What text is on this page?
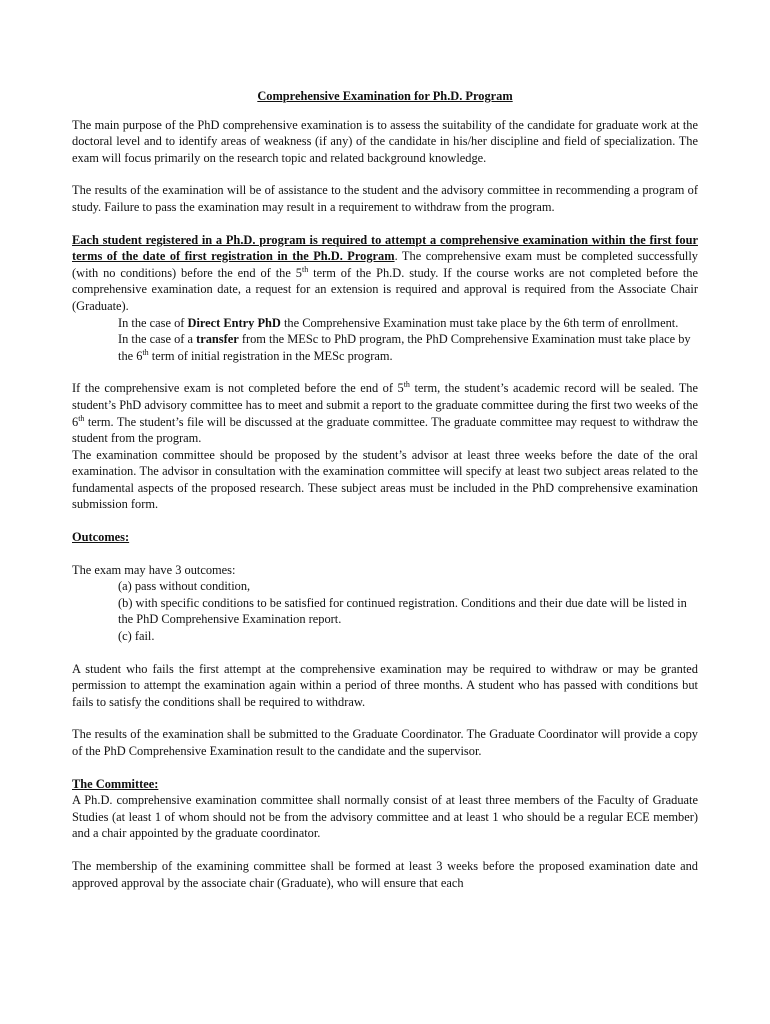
Comprehensive Examination for Ph.D. Program

The main purpose of the PhD comprehensive examination is to assess the suitability of the candidate for graduate work at the doctoral level and to identify areas of weakness (if any) of the candidate in his/her discipline and field of specialization. The exam will focus primarily on the research topic and related background knowledge.

The results of the examination will be of assistance to the student and the advisory committee in recommending a program of study. Failure to pass the examination may result in a requirement to withdraw from the program.

Each student registered in a Ph.D. program is required to attempt a comprehensive examination within the first four terms of the date of first registration in the Ph.D. Program. The comprehensive exam must be completed successfully (with no conditions) before the end of the 5th term of the Ph.D. study. If the course works are not completed before the comprehensive examination date, a request for an extension is required and approval is required from the Associate Chair (Graduate).

In the case of Direct Entry PhD the Comprehensive Examination must take place by the 6th term of enrollment.

In the case of a transfer from the MESc to PhD program, the PhD Comprehensive Examination must take place by the 6th term of initial registration in the MESc program.

If the comprehensive exam is not completed before the end of 5th term, the student’s academic record will be sealed. The student’s PhD advisory committee has to meet and submit a report to the graduate committee during the first two weeks of the 6th term. The student’s file will be discussed at the graduate committee. The graduate committee may request to withdraw the student from the program.

The examination committee should be proposed by the student’s advisor at least three weeks before the date of the oral examination. The advisor in consultation with the examination committee will specify at least two subject areas related to the fundamental aspects of the proposed research. These subject areas must be included in the PhD comprehensive examination submission form.

Outcomes:

The exam may have 3 outcomes:

(a) pass without condition,

(b) with specific conditions to be satisfied for continued registration. Conditions and their due date will be listed in the PhD Comprehensive Examination report.

(c) fail.

A student who fails the first attempt at the comprehensive examination may be required to withdraw or may be granted permission to attempt the examination again within a period of three months. A student who has passed with conditions but fails to satisfy the conditions shall be required to withdraw.

The results of the examination shall be submitted to the Graduate Coordinator. The Graduate Coordinator will provide a copy of the PhD Comprehensive Examination result to the candidate and the supervisor.

The Committee:

A Ph.D. comprehensive examination committee shall normally consist of at least three members of the Faculty of Graduate Studies (at least 1 of whom should not be from the advisory committee and at least 1 who should be a regular ECE member) and a chair appointed by the graduate coordinator.

The membership of the examining committee shall be formed at least 3 weeks before the proposed examination date and approved approval by the associate chair (Graduate), who will ensure that each
